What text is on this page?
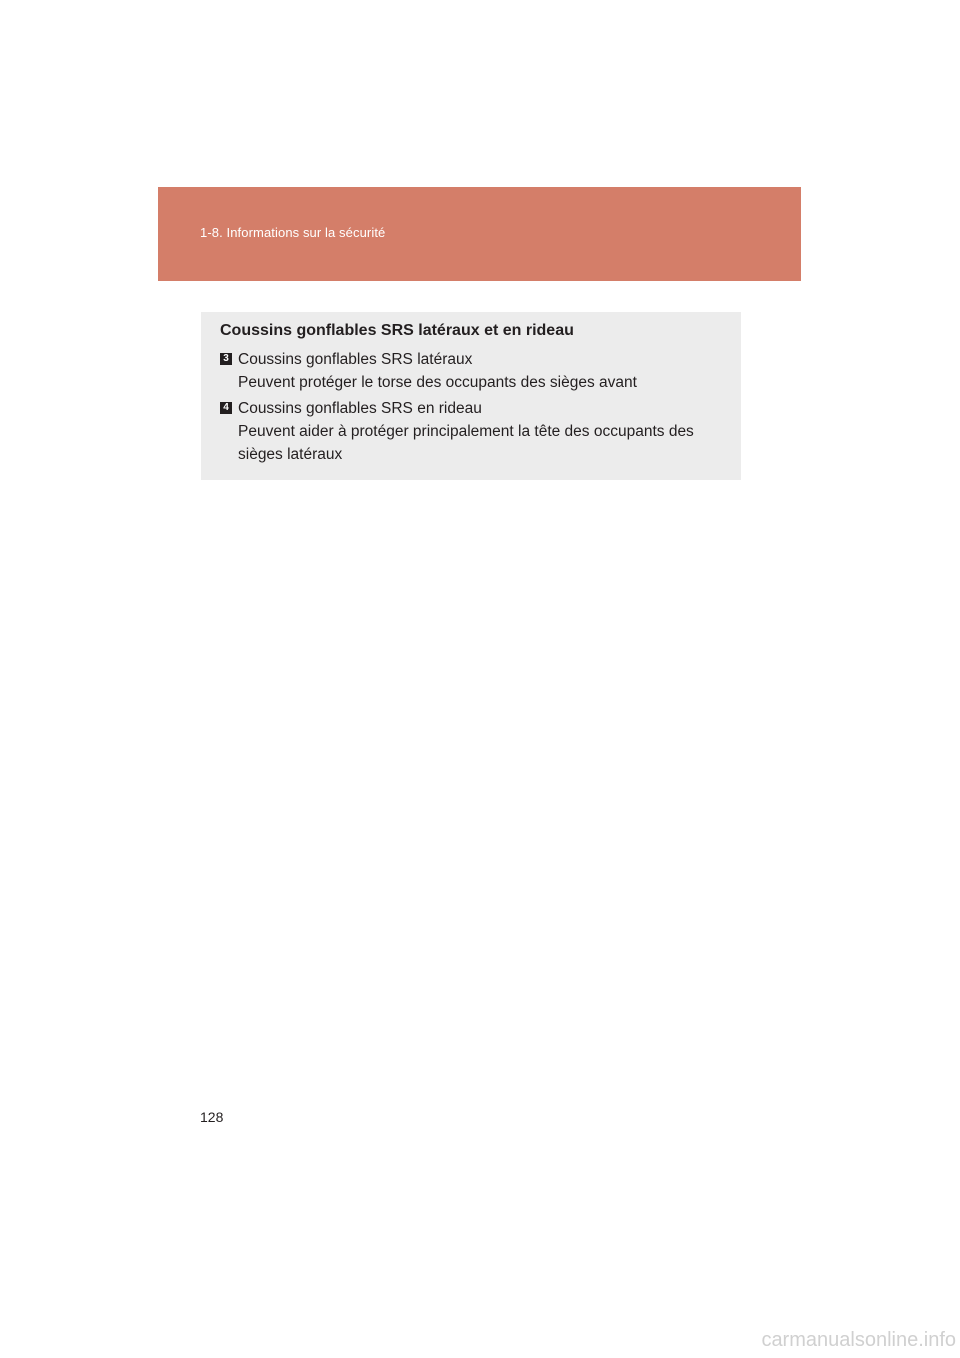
1-8. Informations sur la sécurité
Coussins gonflables SRS latéraux et en rideau
3 Coussins gonflables SRS latéraux
Peuvent protéger le torse des occupants des sièges avant
4 Coussins gonflables SRS en rideau
Peuvent aider à protéger principalement la tête des occupants des sièges latéraux
128
carmanualsonline.info
